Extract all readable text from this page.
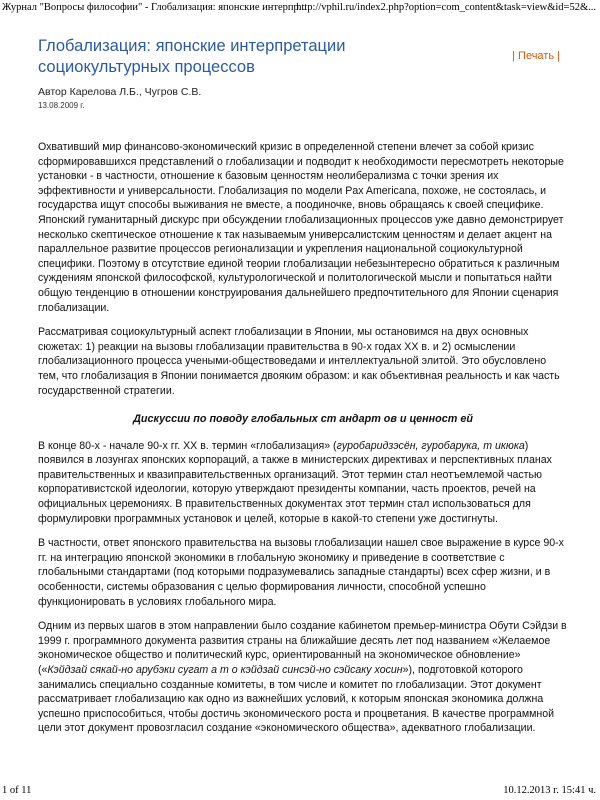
Журнал "Вопросы философии" - Глобализация: японские интерпр...
http://vphil.ru/index2.php?option=com_content&task=view&id=52&...
Глобализация: японские интерпретации социокультурных процессов
| Печать |
Автор Карелова Л.Б., Чугров С.В.
13.08.2009 г.

Охвативший мир финансово-экономический кризис в определенной степени влечет за собой кризис сформировавшихся представлений о глобализации и подводит к необходимости пересмотреть некоторые установки - в частности, отношение к базовым ценностям неолиберализма с точки зрения их эффективности и универсальности. Глобализация по модели Pax Americana, похоже, не состоялась, и государства ищут способы выживания не вместе, а поодиночке, вновь обращаясь к своей специфике. Японский гуманитарный дискурс при обсуждении глобализационных процессов уже давно демонстрирует несколько скептическое отношение к так называемым универсалистским ценностям и делает акцент на параллельное развитие процессов регионализации и укрепления национальной социокультурной специфики. Поэтому в отсутствие единой теории глобализации небезынтересно обратиться к различным суждениям японской философской, культурологической и политологической мысли и попытаться найти общую тенденцию в отношении конструирования дальнейшего предпочтительного для Японии сценария глобализации.

Рассматривая социокультурный аспект глобализации в Японии, мы остановимся на двух основных сюжетах: 1) реакции на вызовы глобализации правительства в 90-х годах XX в. и 2) осмыслении глобализационного процесса учеными-обществоведами и интеллектуальной элитой. Это обусловлено тем, что глобализация в Японии понимается двояким образом: и как объективная реальность и как часть государственной стратегии.

Дискуссии по поводу глобальных ст андарт ов и ценност ей

В конце 80-х - начале 90-х гг. XX в. термин «глобализация» (гуробаридзэсён, гуробарука, т икюка) появился в лозунгах японских корпораций, а также в министерских директивах и перспективных планах правительственных и квазиправительственных организаций. Этот термин стал неотъемлемой частью корпоративистской идеологии, которую утверждают президенты компании, часть проектов, речей на официальных церемониях. В правительственных документах этот термин стал использоваться для формулировки программных установок и целей, которые в какой-то степени уже достигнуты.

В частности, ответ японского правительства на вызовы глобализации нашел свое выражение в курсе 90-х гг. на интеграцию японской экономики в глобальную экономику и приведение в соответствие с глобальными стандартами (под которыми подразумевались западные стандарты) всех сфер жизни, и в особенности, системы образования с целью формирования личности, способной успешно функционировать в условиях глобального мира.

Одним из первых шагов в этом направлении было создание кабинетом премьер-министра Обути Сэйдзи в 1999 г. программного документа развития страны на ближайшие десять лет под названием «Желаемое экономическое общество и политический курс, ориентированный на экономическое обновление» («Кэйдзай сякай-но арубэки сугат а т о кэйдзай синсэй-но сэйсаку хосин»), подготовкой которого занимались специально созданные комитеты, в том числе и комитет по глобализации. Этот документ рассматривает глобализацию как одно из важнейших условий, к которым японская экономика должна успешно приспособиться, чтобы достичь экономического роста и процветания. В качестве программной цели этот документ провозгласил создание «экономического общества», адекватного глобализации.

1 of 11	10.12.2013 г. 15:41 ч.
